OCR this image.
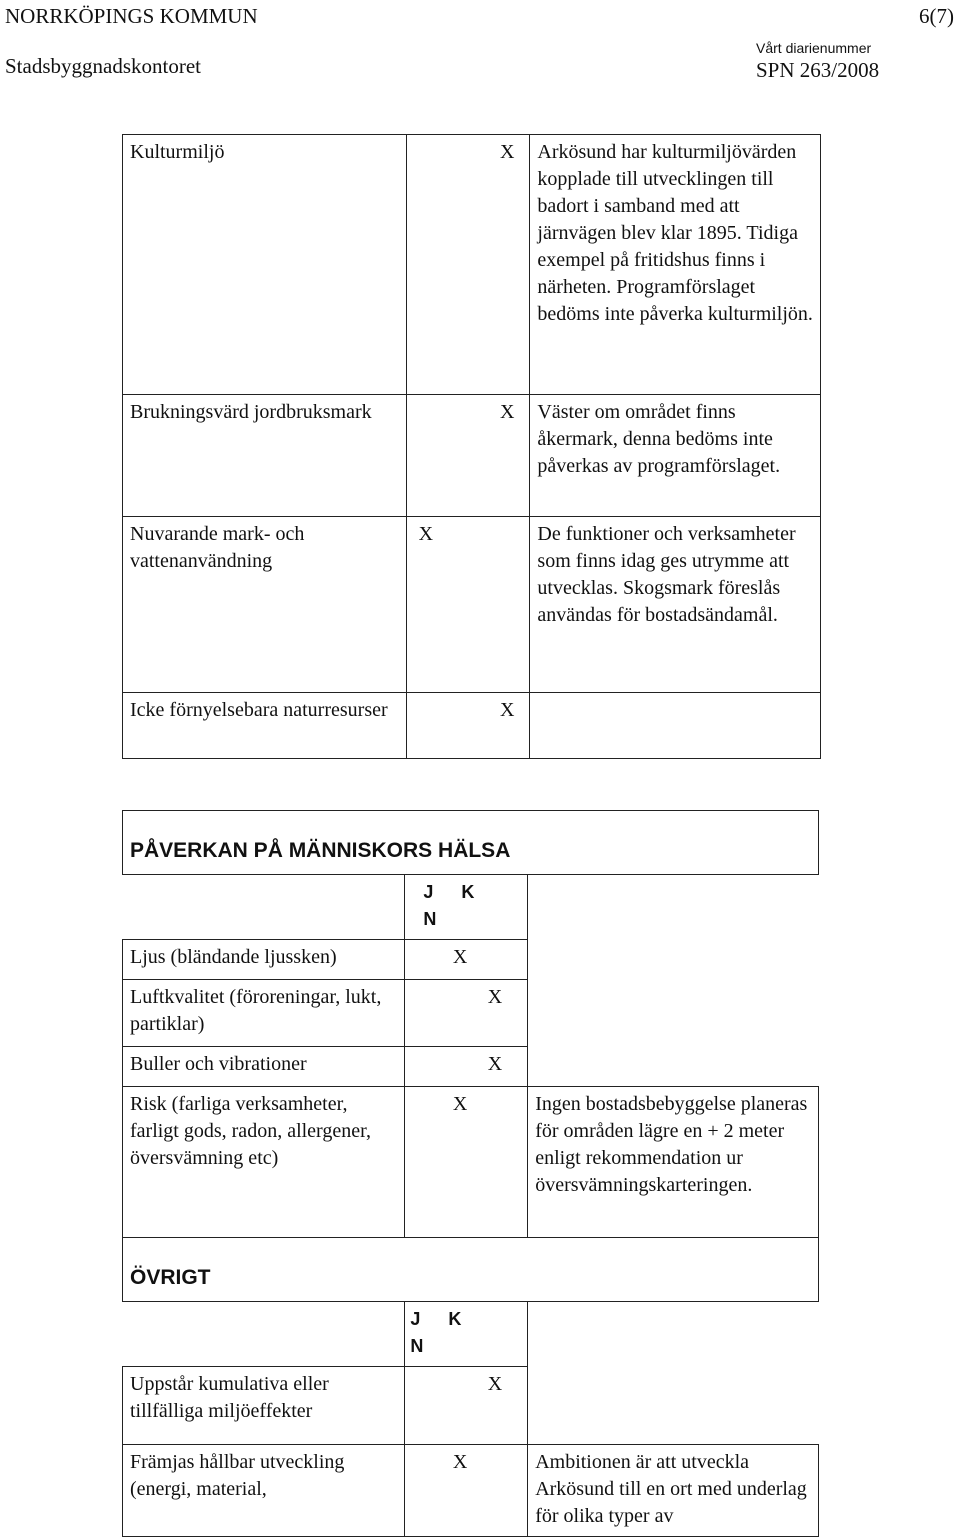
NORRKÖPINGS KOMMUN	6(7)
Stadsbyggnadskontoret
Vårt diarienummer
SPN 263/2008
Kulturmiljö			X	Arkösund har kulturmiljövärden kopplade till utvecklingen till badort i samband med att järnvägen blev klar 1895. Tidiga exempel på fritidshus finns i närheten. Programförslaget bedöms inte påverka kulturmiljön.
Brukningsvärd jordbruksmark			X	Väster om området finns åkermark, denna bedöms inte påverkas av programförslaget.
Nuvarande mark- och vattenanvändning	X			De funktioner och verksamheter som finns idag ges utrymme att utvecklas. Skogsmark föreslås användas för bostadsändamål.
Icke förnyelsebara naturresurser			X	
PÅVERKAN PÅ MÄNNISKORS HÄLSA				
	J KN			
Ljus (bländande ljussken)		X		
Luftkvalitet (föroreningar, lukt, partiklar)			X	
Buller och vibrationer			X	
Risk (farliga verksamheter, farligt gods, radon, allergener, översvämning etc)		X		Ingen bostadsbebyggelse planeras för områden lägre en + 2 meter enligt rekommendation ur översvämningskarteringen.
ÖVRIGT				
	J KN			
Uppstår kumulativa eller tillfälliga miljöeffekter			X	
Främjas hållbar utveckling (energi, material,		X		Ambitionen är att utveckla Arkösund till en ort med underlag för olika typer av
